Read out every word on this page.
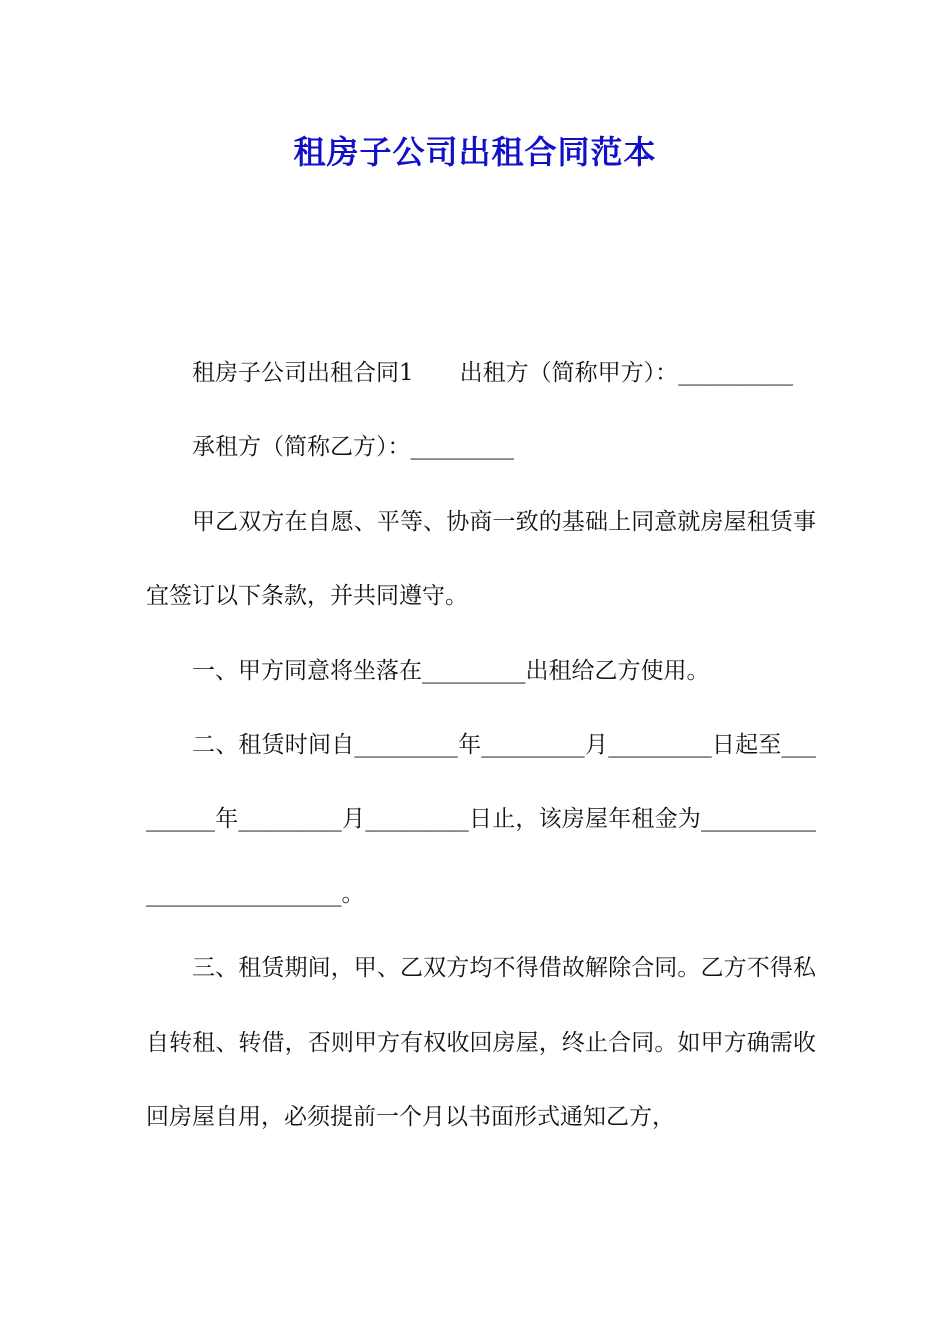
租房子公司出租合同范本

租房子公司出租合同1　　出租方（简称甲方）：__________

承租方（简称乙方）：_________

甲乙双方在自愿、平等、协商一致的基础上同意就房屋租赁事宜签订以下条款，并共同遵守。

一、甲方同意将坐落在_________出租给乙方使用。

二、租赁时间自_________年_________月_________日起至_________年_________月_________日止，该房屋年租金为___________________________。

三、租赁期间，甲、乙双方均不得借故解除合同。乙方不得私自转租、转借，否则甲方有权收回房屋，终止合同。如甲方确需收回房屋自用，必须提前一个月以书面形式通知乙方，
